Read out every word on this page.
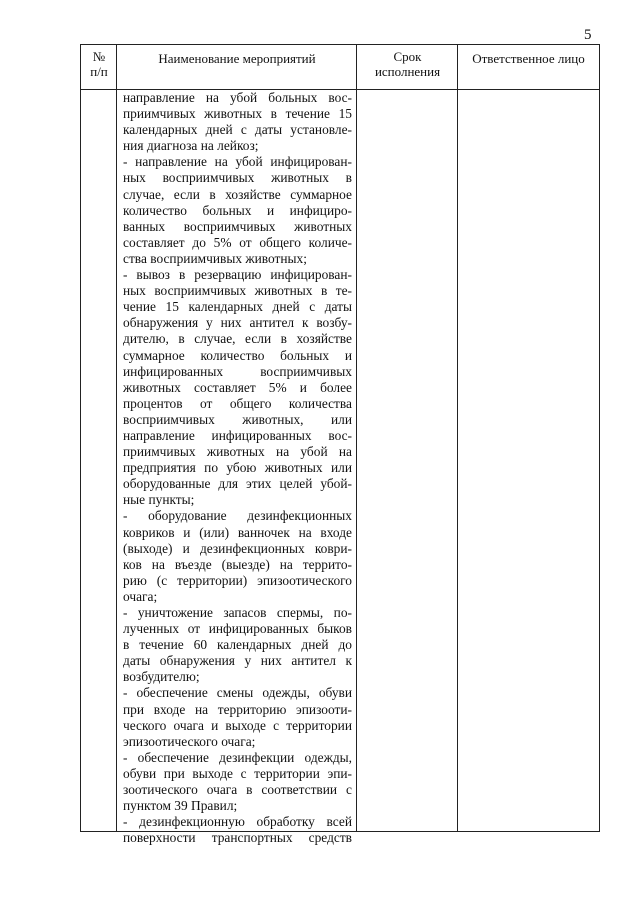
5
№
п/п
Наименование мероприятий	Срок
исполнения
Ответственное лицо
направление на убой больных вос-
приимчивых животных в течение 15
календарных дней с даты установле-
ния диагноза на лейкоз;
- направление на убой инфицирован-
ных восприимчивых животных в
случае, если в хозяйстве суммарное
количество больных и инфициро-
ванных восприимчивых животных
составляет до 5% от общего количе-
ства восприимчивых животных;
- вывоз в резервацию инфицирован-
ных восприимчивых животных в те-
чение 15 календарных дней с даты
обнаружения у них антител к возбу-
дителю, в случае, если в хозяйстве
суммарное количество больных и
инфицированных восприимчивых
животных составляет 5% и более
процентов от общего количества
восприимчивых животных, или
направление инфицированных вос-
приимчивых животных на убой на
предприятия по убою животных или
оборудованные для этих целей убой-
ные пункты;
- оборудование дезинфекционных
ковриков и (или) ванночек на входе
(выходе) и дезинфекционных коври-
ков на въезде (выезде) на террито-
рию (с территории) эпизоотического
очага;
- уничтожение запасов спермы, по-
лученных от инфицированных быков
в течение 60 календарных дней до
даты обнаружения у них антител к
возбудителю;
- обеспечение смены одежды, обуви
при входе на территорию эпизооти-
ческого очага и выходе с территории
эпизоотического очага;
- обеспечение дезинфекции одежды,
обуви при выходе с территории эпи-
зоотического очага в соответствии с
пунктом 39 Правил;
- дезинфекционную обработку всей
поверхности транспортных средств
